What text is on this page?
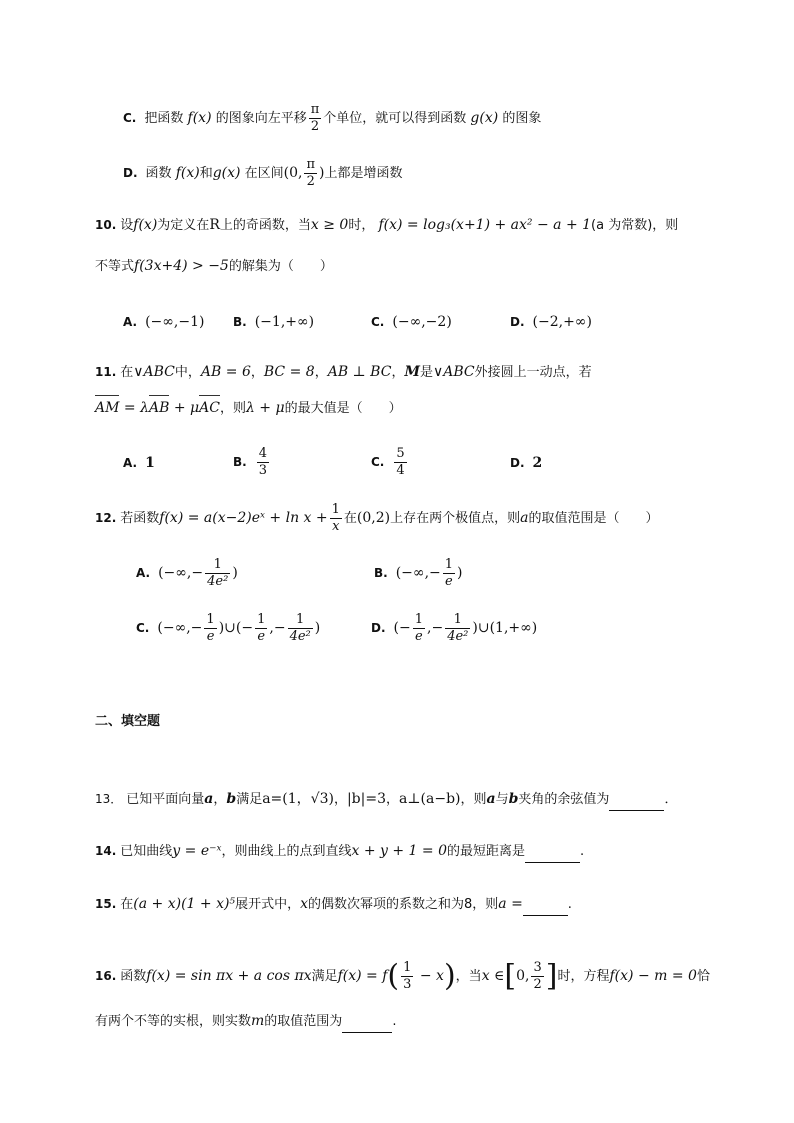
C. 把函数 f(x) 的图象向左平移 $\frac{\pi}{2}$ 个单位，就可以得到函数 g(x) 的图象
D. 函数 f(x)和g(x) 在区间(0, $\frac{\pi}{2}$ )上都是增函数
10. 设f(x)为定义在R上的奇函数，当x ≥ 0时， f(x) = log₃(x+1) + ax² − a + 1(a 为常数)，则
不等式f(3x+4) > −5的解集为（　　）
A. (−∞,−1) B. (−1,+∞)	C. (−∞,−2)	D. (−2,+∞)
11. 在∨ABC中，AB = 6，BC = 8，AB ⊥ BC，M是∨ABC外接圆上一动点，若
AM = λAB + μAC，则λ + μ的最大值是（　　）
A. 1	B. $\frac{4}{3}$	C. $\frac{5}{4}$	D. 2
12. 若函数f(x) = a(x−2)eˣ + $\ln x + \frac{1}{x}$ 在(0,2)上存在两个极值点，则a的取值范围是（　　）
A. (−∞,− $\frac{1}{\text{4e²}}$ )	B. (−∞,− $\frac{1}{e}$ )
C. (−∞,− $\frac{1}{e}$ )∪(− $\frac{1}{e}$ ,− $\frac{1}{\text{4e²}}$ )	D. (− $\frac{1}{e}$ ,− $\frac{1}{\text{4e²}}$ )∪(1,+∞)
二、填空题
13． 已知平面向量a，b满足a=(1，√3)，|b|=3，a⊥(a−b)，则a与b夹角的余弦值为	．
14. 已知曲线y = e⁻ˣ，则曲线上的点到直线x + y + 1 = 0的最短距离是	.
15. 在(a + x)(1 + x)⁵展开式中，x的偶数次幂项的系数之和为8，则a =	.
16. 函数f(x) = sin πx + a cos πx满足$f(x) = f( \frac{1}{3} - x)$，当x ∈[0, $\frac{3}{2}$ ]时，方程f(x) − m = 0恰
有两个不等的实根，则实数m的取值范围为	.
